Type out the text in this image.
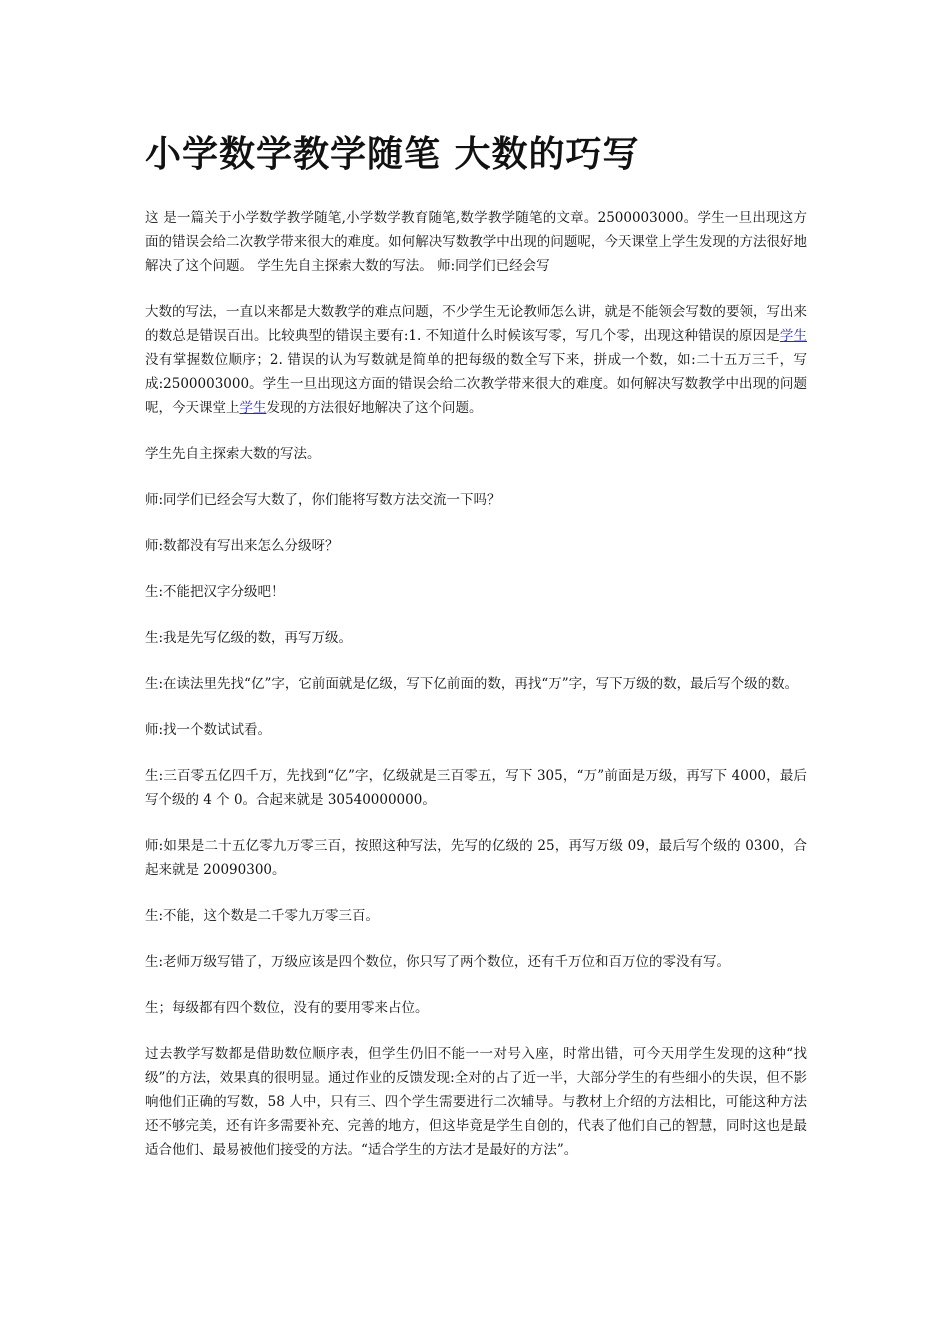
小学数学教学随笔 大数的巧写

这 是一篇关于小学数学教学随笔,小学数学教育随笔,数学教学随笔的文章。2500003000。学生一旦出现这方面的错误会给二次教学带来很大的难度。如何解决写数教学中出现的问题呢，今天课堂上学生发现的方法很好地解决了这个问题。 学生先自主探索大数的写法。 师:同学们已经会写

大数的写法，一直以来都是大数教学的难点问题，不少学生无论教师怎么讲，就是不能领会写数的要领，写出来的数总是错误百出。比较典型的错误主要有:1. 不知道什么时候该写零，写几个零，出现这种错误的原因是学生没有掌握数位顺序；2. 错误的认为写数就是简单的把每级的数全写下来，拼成一个数，如:二十五万三千，写成:2500003000。学生一旦出现这方面的错误会给二次教学带来很大的难度。如何解决写数教学中出现的问题呢，今天课堂上学生发现的方法很好地解决了这个问题。

学生先自主探索大数的写法。

师:同学们已经会写大数了，你们能将写数方法交流一下吗？

师:数都没有写出来怎么分级呀？

生:不能把汉字分级吧！

生:我是先写亿级的数，再写万级。

生:在读法里先找“亿”字，它前面就是亿级，写下亿前面的数，再找“万”字，写下万级的数，最后写个级的数。

师:找一个数试试看。

生:三百零五亿四千万，先找到“亿”字，亿级就是三百零五，写下 305，“万”前面是万级，再写下 4000，最后写个级的 4 个 0。合起来就是 30540000000。

师:如果是二十五亿零九万零三百，按照这种写法，先写的亿级的 25，再写万级 09，最后写个级的 0300，合起来就是 20090300。

生:不能，这个数是二千零九万零三百。

生:老师万级写错了，万级应该是四个数位，你只写了两个数位，还有千万位和百万位的零没有写。

生；每级都有四个数位，没有的要用零来占位。

过去教学写数都是借助数位顺序表，但学生仍旧不能一一对号入座，时常出错，可今天用学生发现的这种“找级”的方法，效果真的很明显。通过作业的反馈发现:全对的占了近一半，大部分学生的有些细小的失误，但不影响他们正确的写数，58 人中，只有三、四个学生需要进行二次辅导。与教材上介绍的方法相比，可能这种方法还不够完美，还有许多需要补充、完善的地方，但这毕竟是学生自创的，代表了他们自己的智慧，同时这也是最适合他们、最易被他们接受的方法。“适合学生的方法才是最好的方法”。
